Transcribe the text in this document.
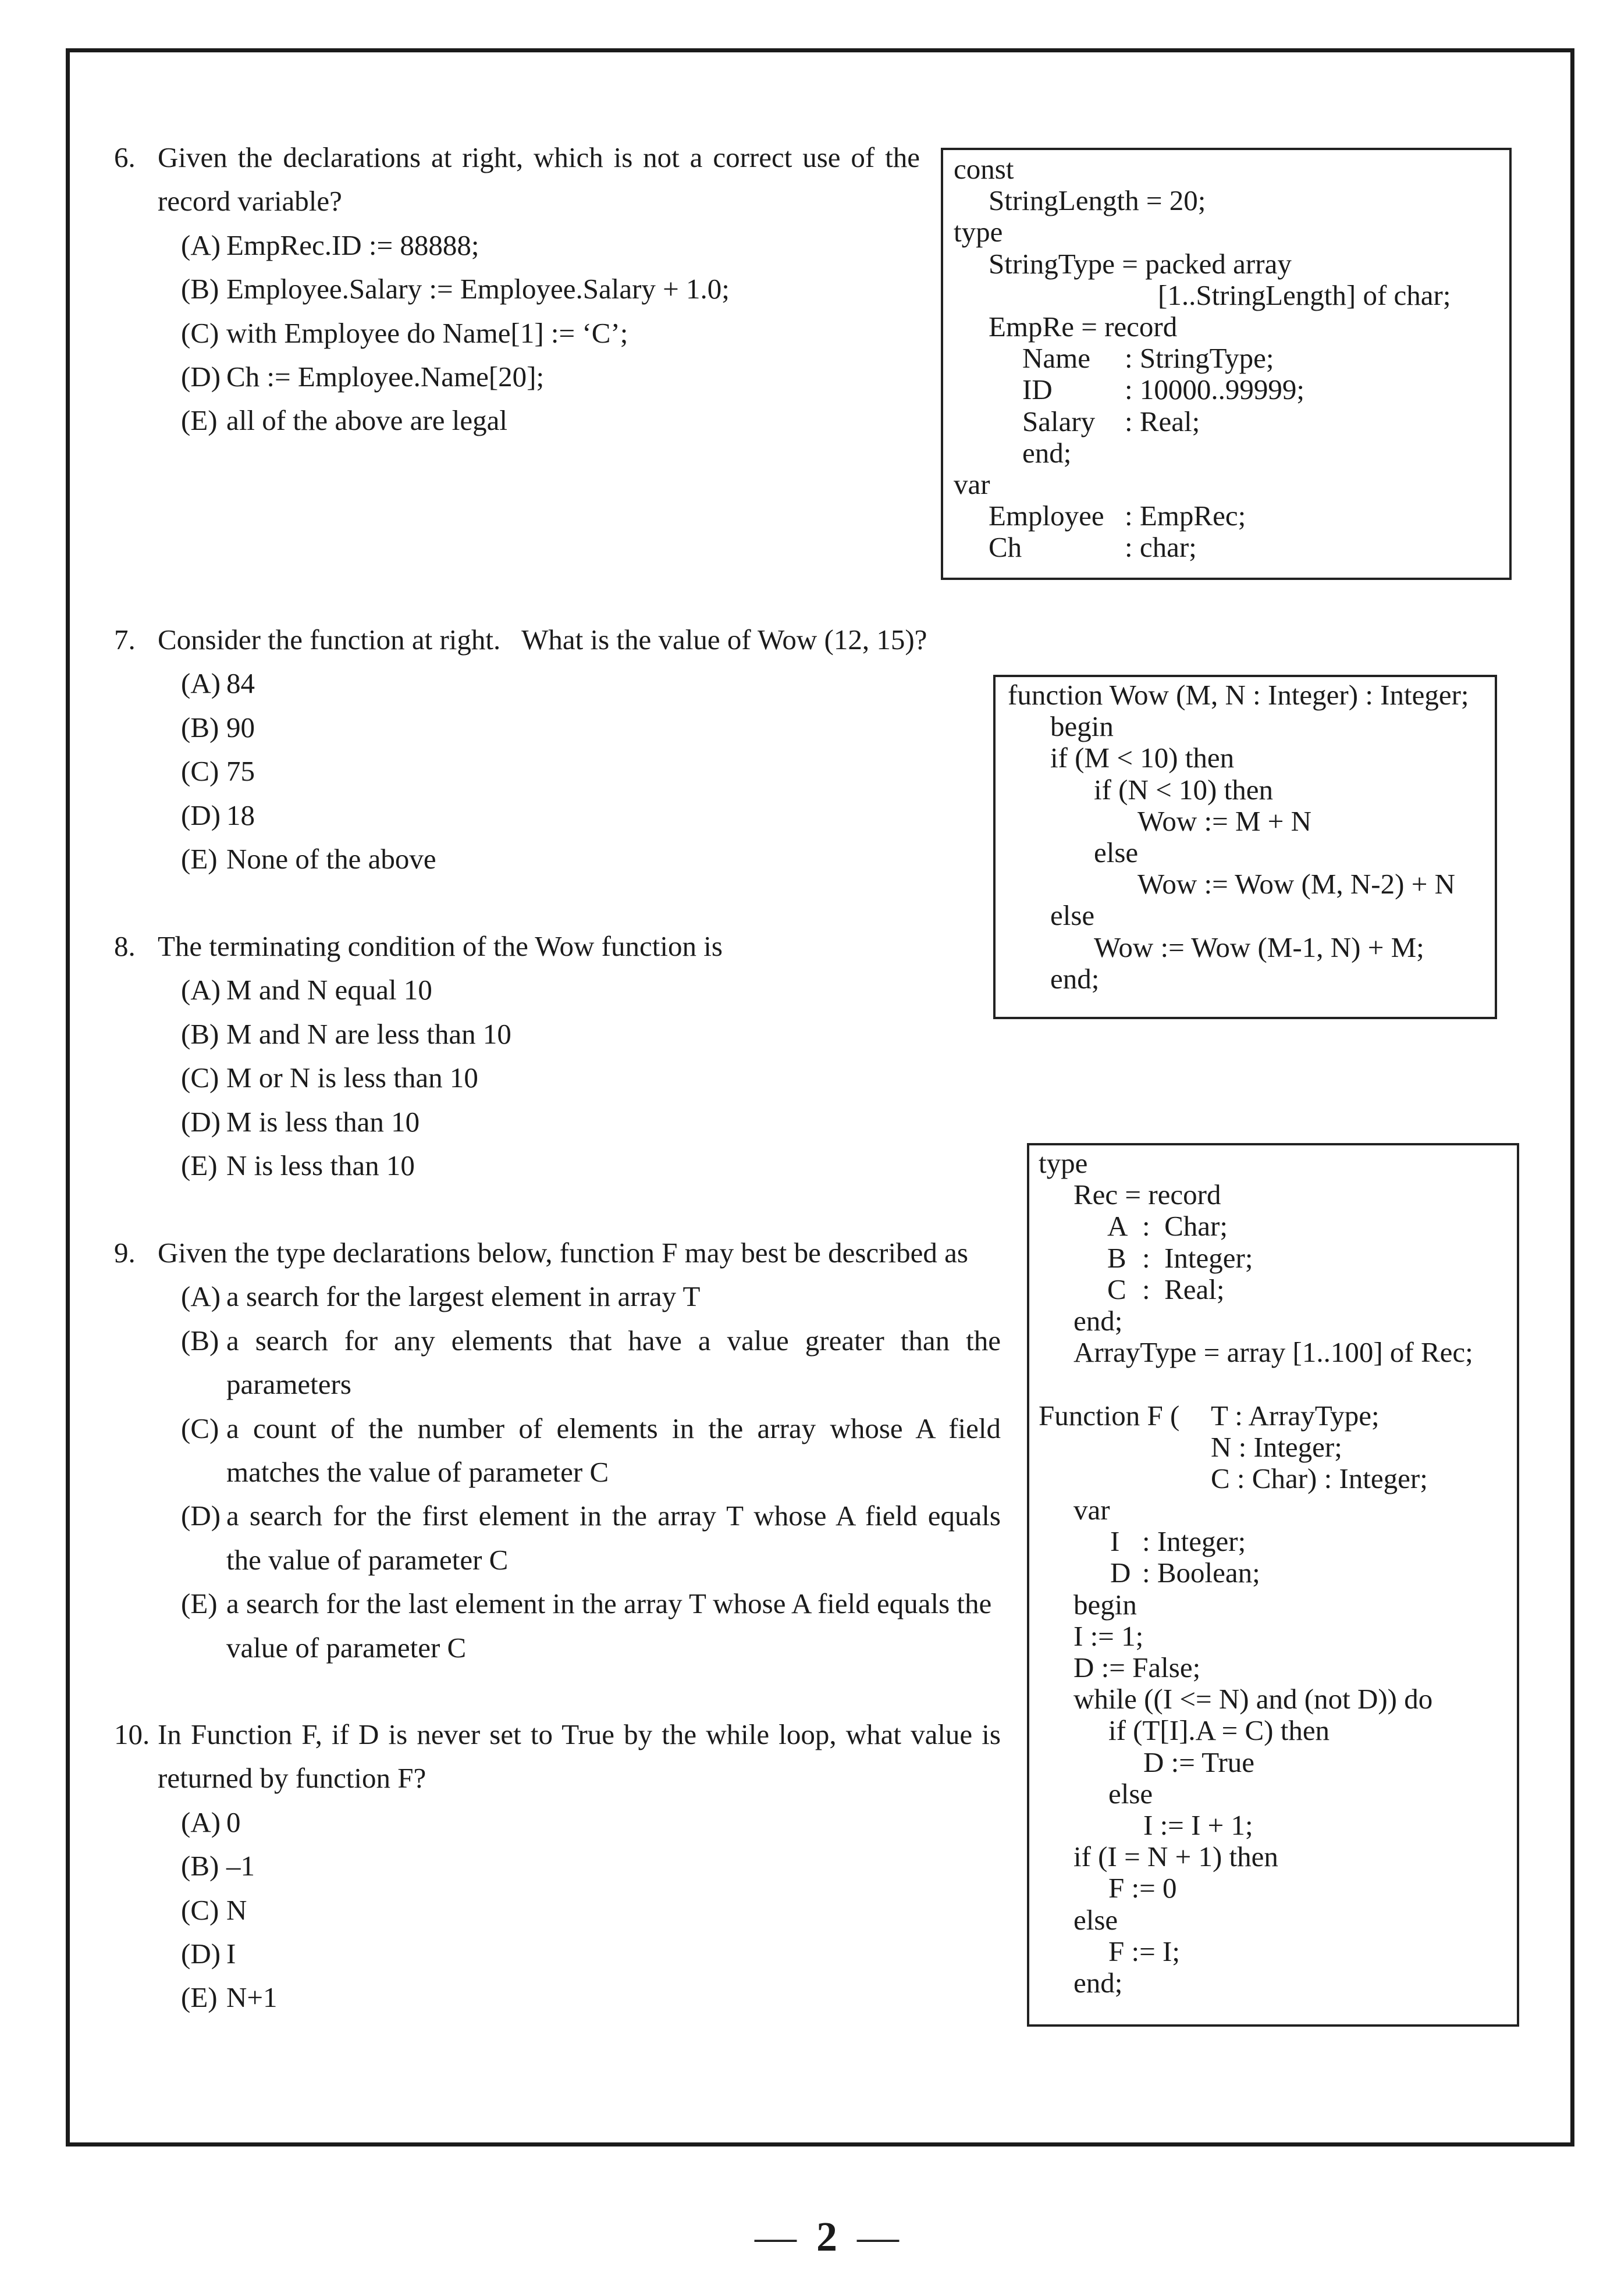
6. Given the declarations at right, which is not a correct use of the
record variable?
(A) EmpRec.ID := 88888;
(B) Employee.Salary := Employee.Salary + 1.0;
(C) with Employee do Name[1] := ‘C’;
(D) Ch := Employee.Name[20];
(E) all of the above are legal
7. Consider the function at right.   What is the value of Wow (12, 15)?
(A) 84
(B) 90
(C) 75
(D) 18
(E) None of the above
8. The terminating condition of the Wow function is
(A) M and N equal 10
(B) M and N are less than 10
(C) M or N is less than 10
(D) M is less than 10
(E) N is less than 10
9. Given the type declarations below, function F may best be described as
(A) a search for the largest element in array T
(B) a search for any elements that have a value greater than the
parameters
(C) a count of the number of elements in the array whose A field
matches the value of parameter C
(D) a search for the first element in the array T whose A field equals
the value of parameter C
(E) a search for the last element in the array T whose A field equals the
value of parameter C
10. In Function F, if D is never set to True by the while loop, what value is
returned by function F?
(A) 0
(B) –1
(C) N
(D) I
(E) N+1
const
StringLength = 20;
type
StringType = packed array
[1..StringLength] of char;
EmpRe = record
Name : StringType;
ID	: 10000..99999;
Salary : Real;
end;
var
Employee : EmpRec;
Ch	: char;
function Wow (M, N : Integer) : Integer;
begin
if (M < 10) then
if (N < 10) then
Wow := M + N
else
Wow := Wow (M, N-2) + N
else
Wow := Wow (M-1, N) + M;
end;
type
Rec = record
A :  Char;
B :  Integer;
C :  Real;
end;
ArrayType = array [1..100] of Rec;
Function F ( T : ArrayType;
N : Integer;
C : Char) : Integer;
var
I : Integer;
D : Boolean;
begin
I := 1;
D := False;
while ((I <= N) and (not D)) do
if (T[I].A = C) then
D := True
else
I := I + 1;
if (I = N + 1) then
F := 0
else
F := I;
end;
— 2 —
